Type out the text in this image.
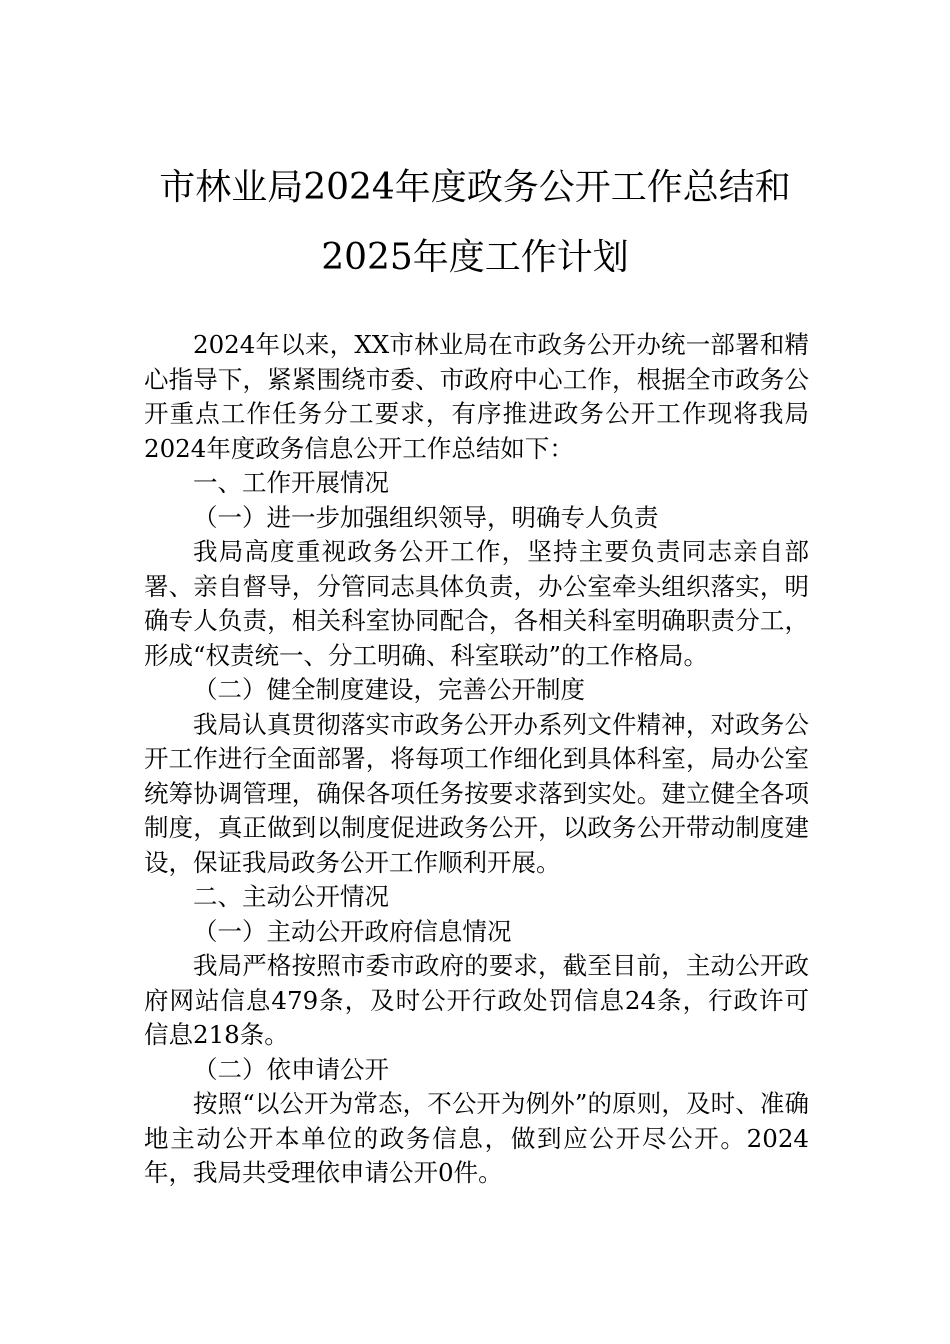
市林业局2024年度政务公开工作总结和
2025年度工作计划

2024年以来，XX市林业局在市政务公开办统一部署和精心指导下，紧紧围绕市委、市政府中心工作，根据全市政务公开重点工作任务分工要求，有序推进政务公开工作现将我局2024年度政务信息公开工作总结如下：

一、工作开展情况

（一）进一步加强组织领导，明确专人负责

我局高度重视政务公开工作，坚持主要负责同志亲自部署、亲自督导，分管同志具体负责，办公室牵头组织落实，明确专人负责，相关科室协同配合，各相关科室明确职责分工，形成“权责统一、分工明确、科室联动”的工作格局。

（二）健全制度建设，完善公开制度

我局认真贯彻落实市政务公开办系列文件精神，对政务公开工作进行全面部署，将每项工作细化到具体科室，局办公室统筹协调管理，确保各项任务按要求落到实处。建立健全各项制度，真正做到以制度促进政务公开，以政务公开带动制度建设，保证我局政务公开工作顺利开展。

二、主动公开情况

（一）主动公开政府信息情况

我局严格按照市委市政府的要求，截至目前，主动公开政府网站信息479条，及时公开行政处罚信息24条，行政许可信息218条。

（二）依申请公开

按照“以公开为常态，不公开为例外”的原则，及时、准确地主动公开本单位的政务信息，做到应公开尽公开。2024年，我局共受理依申请公开0件。
